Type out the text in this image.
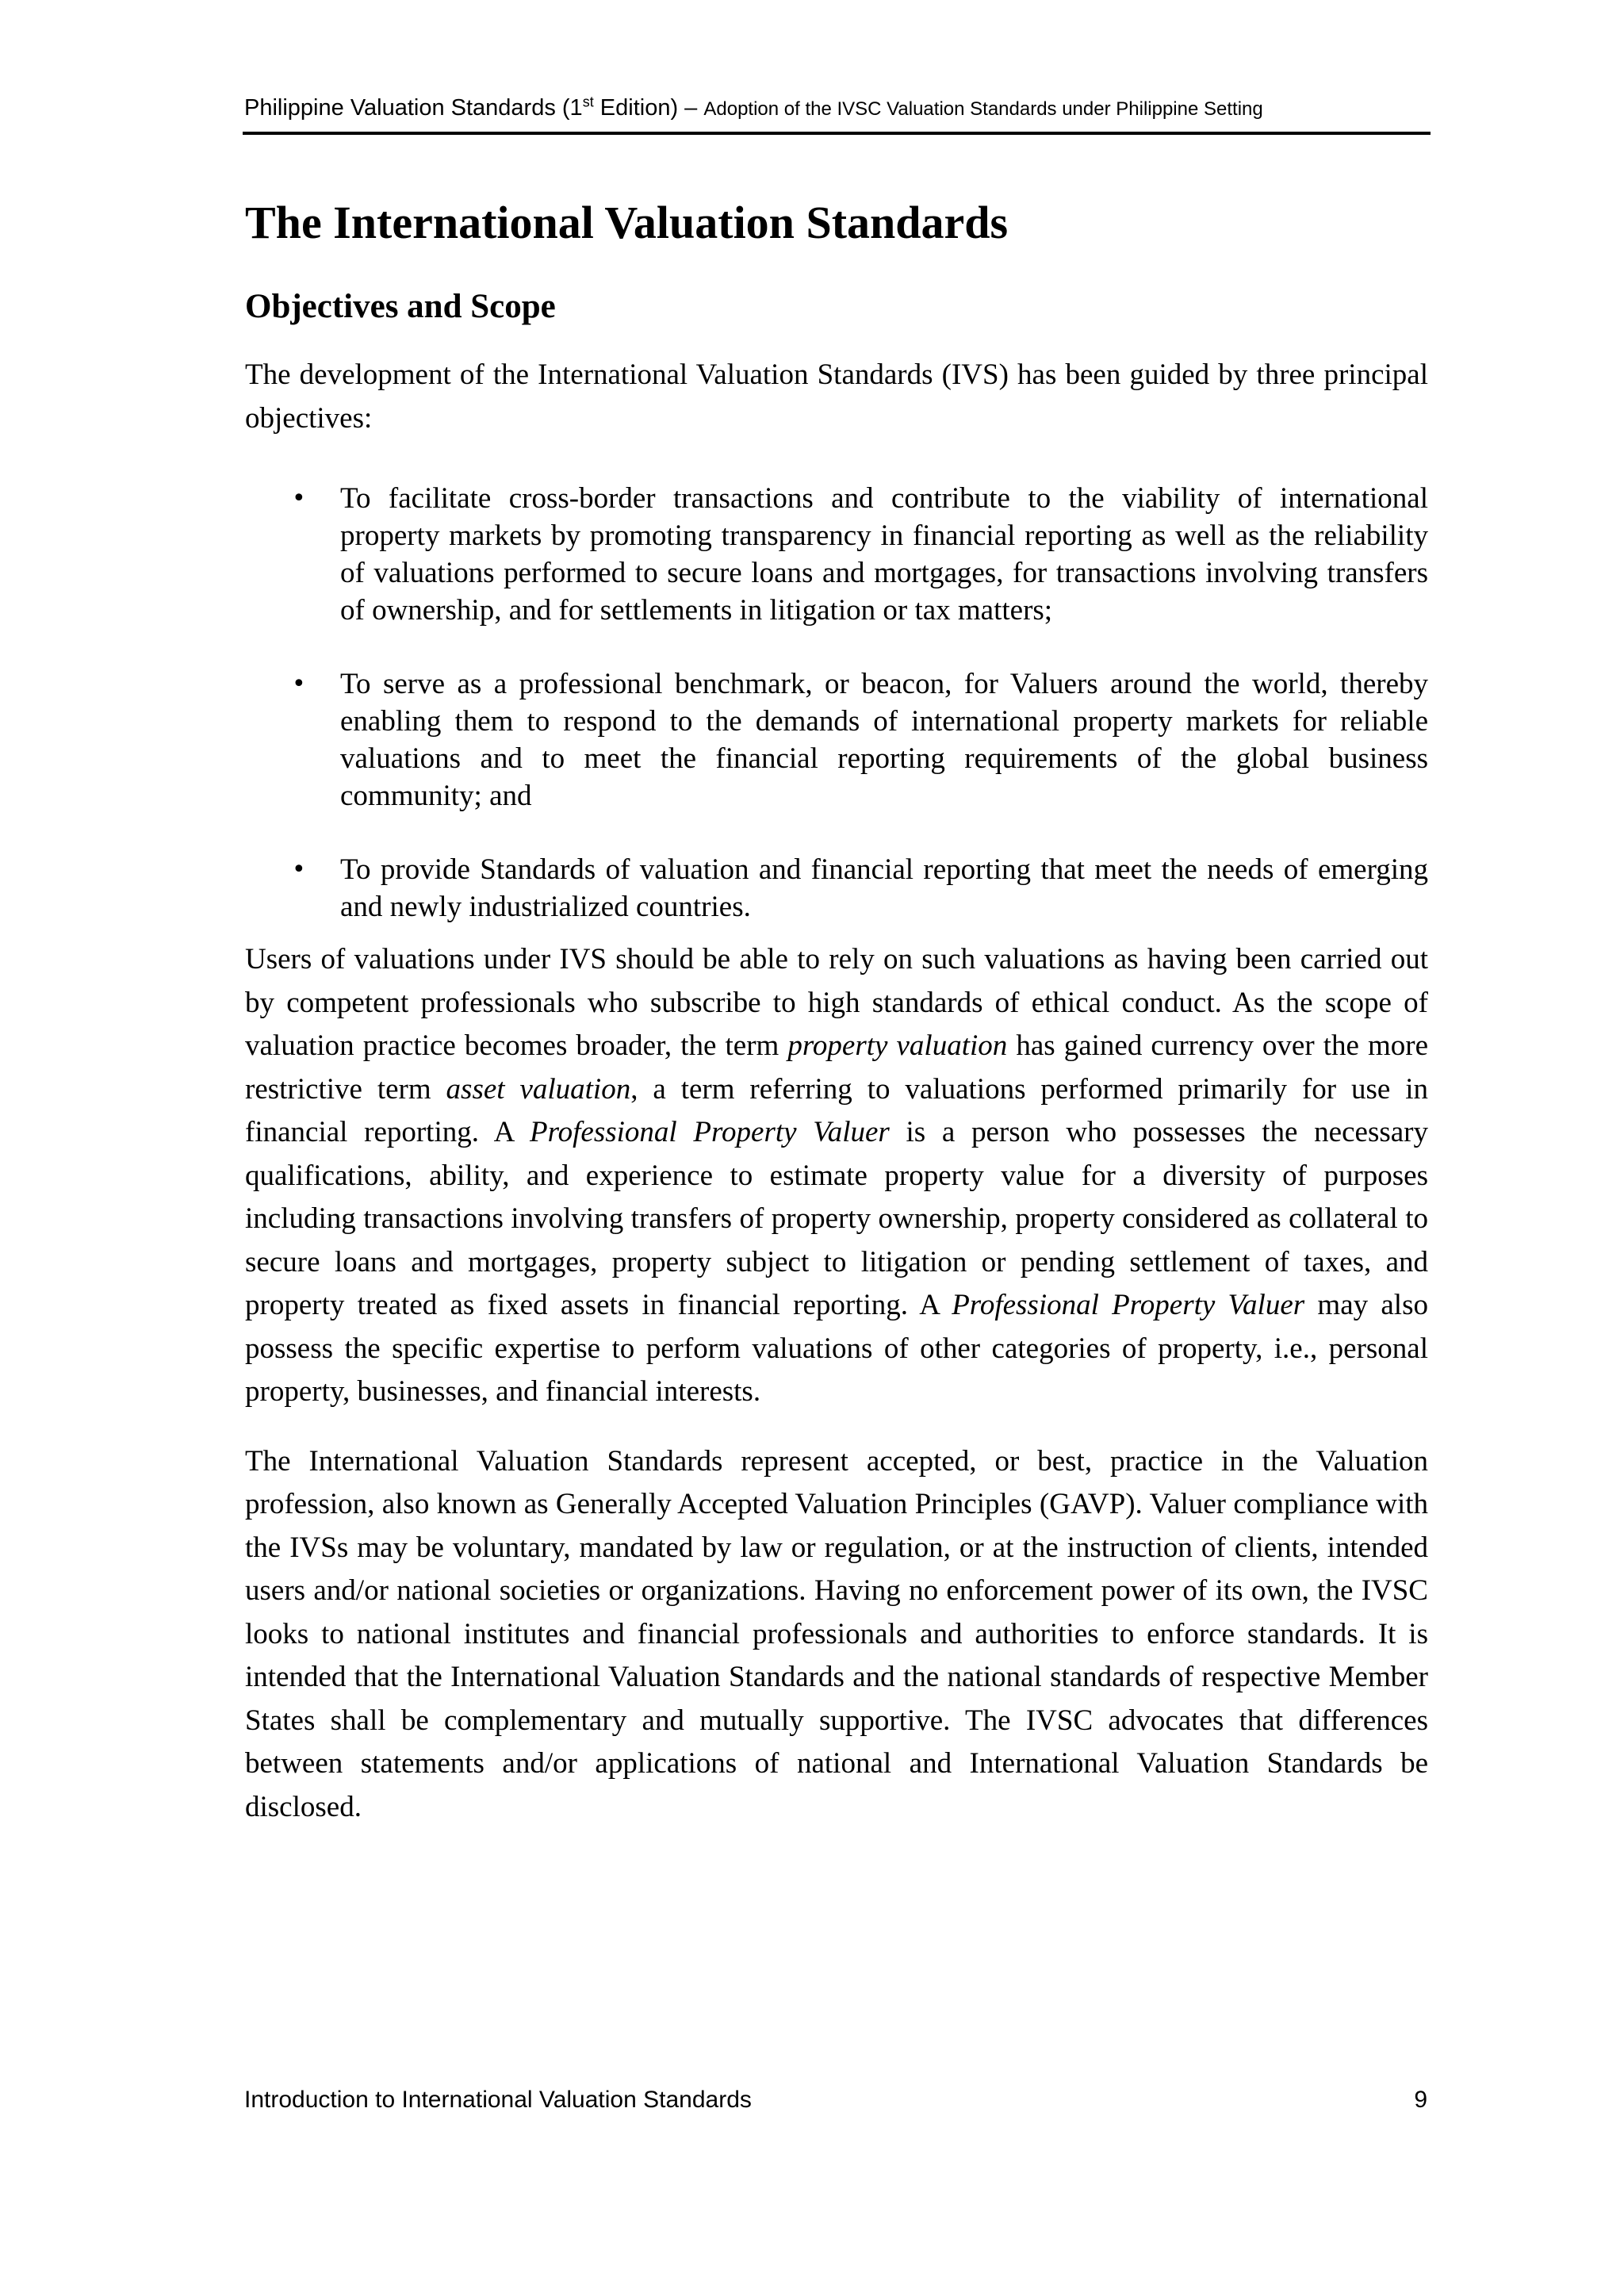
Philippine Valuation Standards (1st Edition) – Adoption of the IVSC Valuation Standards under Philippine Setting
The International Valuation Standards
Objectives and Scope

The development of the International Valuation Standards (IVS) has been guided by three principal objectives:

• To facilitate cross-border transactions and contribute to the viability of international property markets by promoting transparency in financial reporting as well as the reliability of valuations performed to secure loans and mortgages, for transactions involving transfers of ownership, and for settlements in litigation or tax matters;
• To serve as a professional benchmark, or beacon, for Valuers around the world, thereby enabling them to respond to the demands of international property markets for reliable valuations and to meet the financial reporting requirements of the global business community; and
• To provide Standards of valuation and financial reporting that meet the needs of emerging and newly industrialized countries.

Users of valuations under IVS should be able to rely on such valuations as having been carried out by competent professionals who subscribe to high standards of ethical conduct. As the scope of valuation practice becomes broader, the term property valuation has gained currency over the more restrictive term asset valuation, a term referring to valuations performed primarily for use in financial reporting. A Professional Property Valuer is a person who possesses the necessary qualifications, ability, and experience to estimate property value for a diversity of purposes including transactions involving transfers of property ownership, property considered as collateral to secure loans and mortgages, property subject to litigation or pending settlement of taxes, and property treated as fixed assets in financial reporting. A Professional Property Valuer may also possess the specific expertise to perform valuations of other categories of property, i.e., personal property, businesses, and financial interests.

The International Valuation Standards represent accepted, or best, practice in the Valuation profession, also known as Generally Accepted Valuation Principles (GAVP). Valuer compliance with the IVSs may be voluntary, mandated by law or regulation, or at the instruction of clients, intended users and/or national societies or organizations. Having no enforcement power of its own, the IVSC looks to national institutes and financial professionals and authorities to enforce standards. It is intended that the International Valuation Standards and the national standards of respective Member States shall be complementary and mutually supportive. The IVSC advocates that differences between statements and/or applications of national and International Valuation Standards be disclosed.

Introduction to International Valuation Standards	9
